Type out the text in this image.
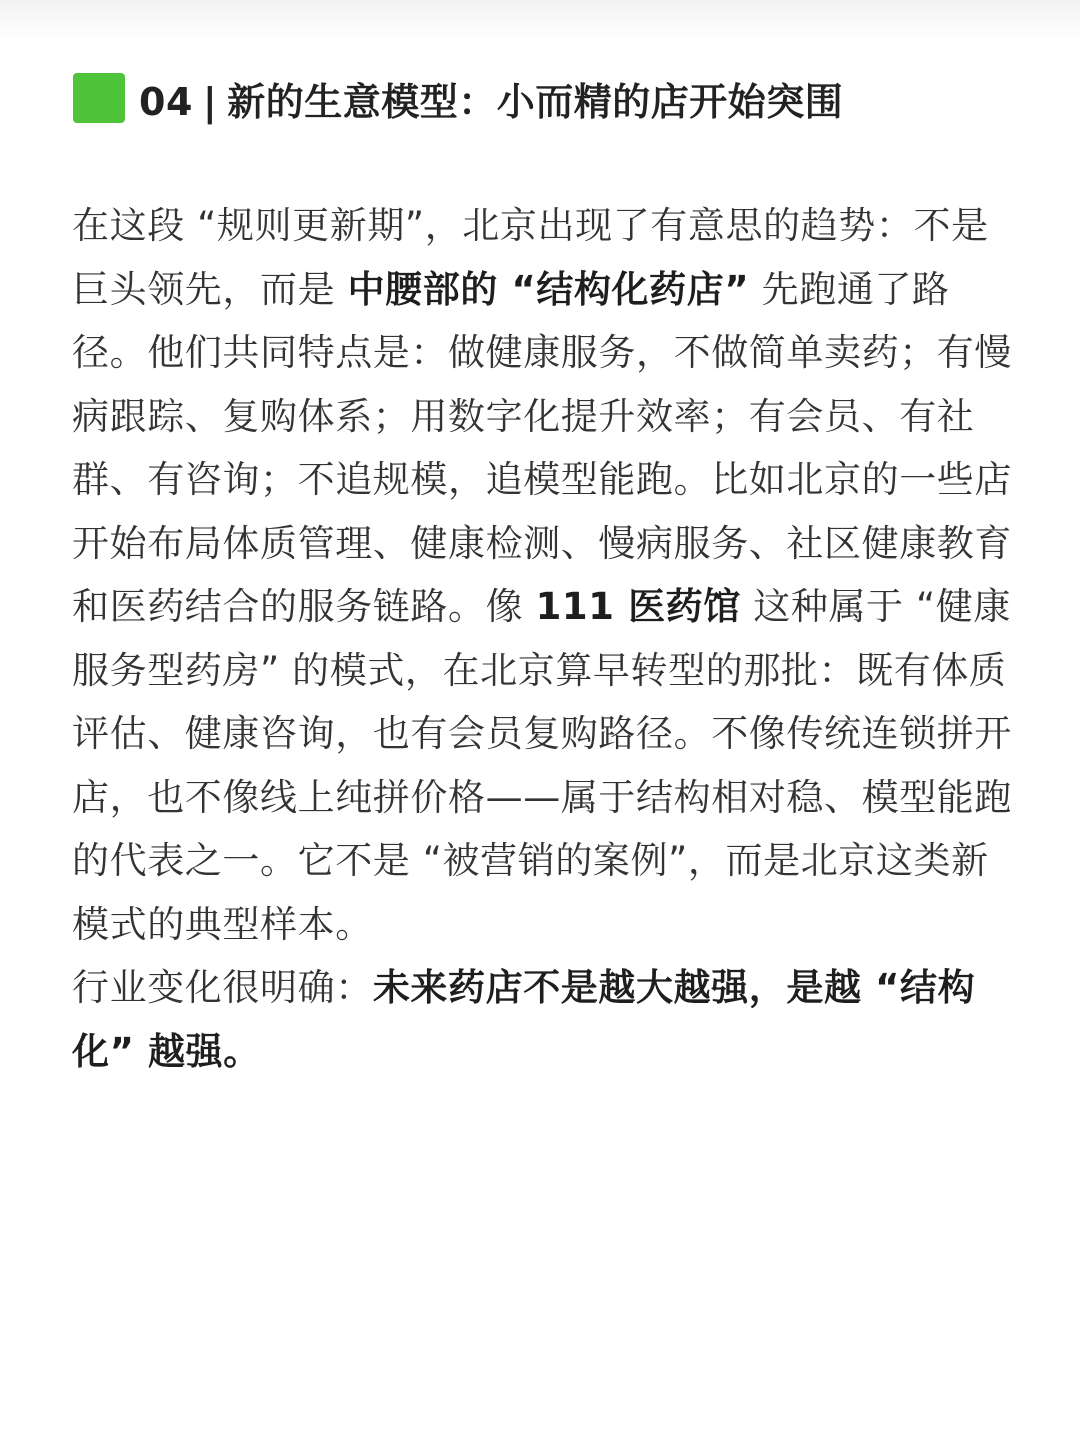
04 | 新的生意模型：小而精的店开始突围

在这段 “规则更新期”，北京出现了有意思的趋势：不是巨头领先，而是 中腰部的 “结构化药店” 先跑通了路径。他们共同特点是：做健康服务，不做简单卖药；有慢病跟踪、复购体系；用数字化提升效率；有会员、有社群、有咨询；不追规模，追模型能跑。比如北京的一些店开始布局体质管理、健康检测、慢病服务、社区健康教育和医药结合的服务链路。像 111 医药馆 这种属于 “健康服务型药房” 的模式，在北京算早转型的那批：既有体质评估、健康咨询，也有会员复购路径。不像传统连锁拼开店，也不像线上纯拼价格——属于结构相对稳、模型能跑的代表之一。它不是 “被营销的案例”，而是北京这类新模式的典型样本。

行业变化很明确：未来药店不是越大越强，是越 “结构化” 越强。
